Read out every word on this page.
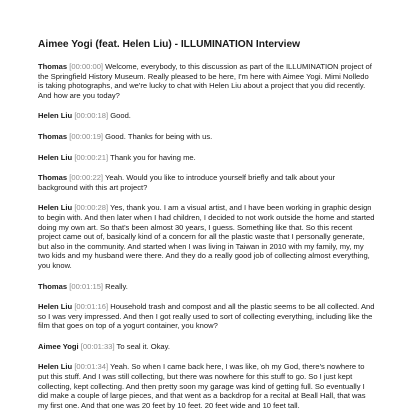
Aimee Yogi (feat. Helen Liu) - ILLUMINATION Interview
Thomas [00:00:00] Welcome, everybody, to this discussion as part of the ILLUMINATION project of the Springfield History Museum. Really pleased to be here, I'm here with Aimee Yogi. Mimi Nolledo is taking photographs, and we're lucky to chat with Helen Liu about a project that you did recently. And how are you today?
Helen Liu [00:00:18] Good.
Thomas [00:00:19] Good. Thanks for being with us.
Helen Liu [00:00:21] Thank you for having me.
Thomas [00:00:22] Yeah. Would you like to introduce yourself briefly and talk about your background with this art project?
Helen Liu [00:00:28] Yes, thank you. I am a visual artist, and I have been working in graphic design to begin with. And then later when I had children, I decided to not work outside the home and started doing my own art. So that's been almost 30 years, I guess. Something like that. So this recent project came out of, basically kind of a concern for all the plastic waste that I personally generate, but also in the community. And started when I was living in Taiwan in 2010 with my family, my, my two kids and my husband were there. And they do a really good job of collecting almost everything, you know.
Thomas [00:01:15] Really.
Helen Liu [00:01:16] Household trash and compost and all the plastic seems to be all collected. And so I was very impressed. And then I got really used to sort of collecting everything, including like the film that goes on top of a yogurt container, you know?
Aimee Yogi [00:01:33] To seal it. Okay.
Helen Liu [00:01:34] Yeah. So when I came back here, I was like, oh my God, there's nowhere to put this stuff. And I was still collecting, but there was nowhere for this stuff to go. So I just kept collecting, kept collecting. And then pretty soon my garage was kind of getting full. So eventually I did make a couple of large pieces, and that went as a backdrop for a recital at Beall Hall, that was my first one. And that one was 20 feet by 10 feet. 20 feet wide and 10 feet tall.
